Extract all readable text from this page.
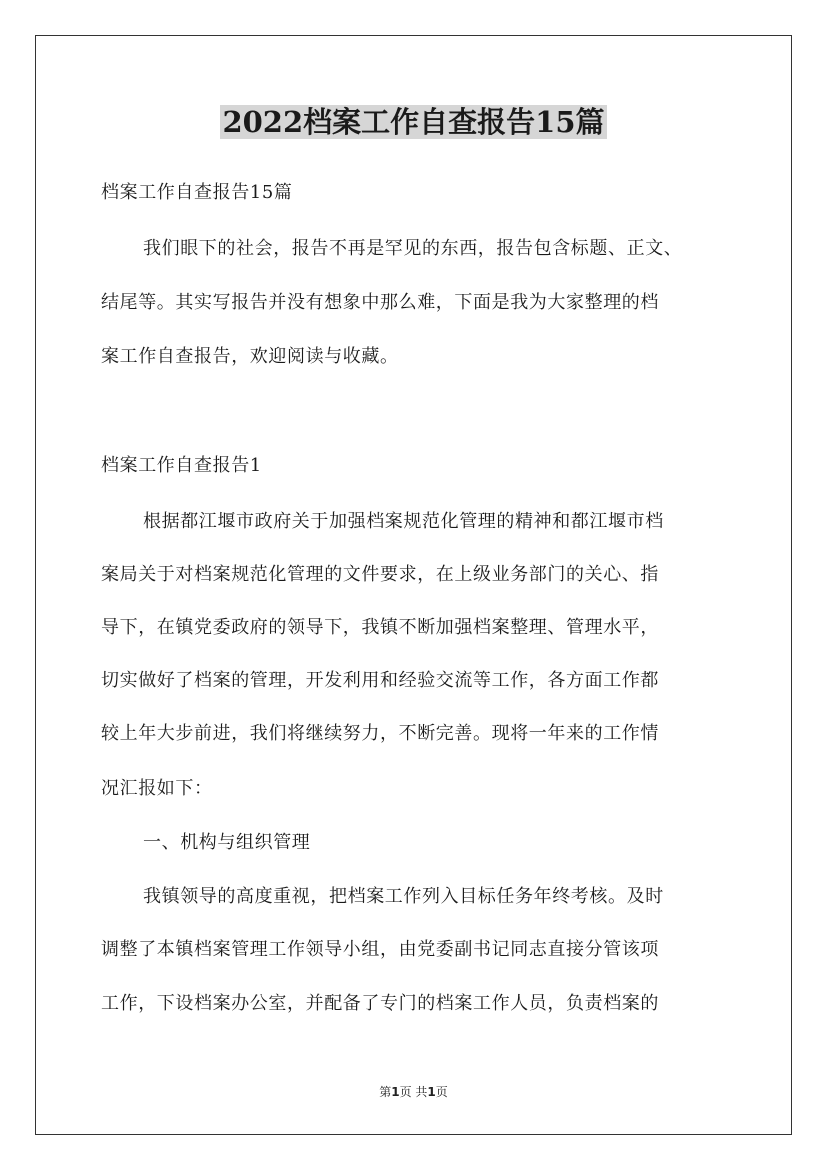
2022档案工作自查报告15篇
档案工作自查报告15篇
我们眼下的社会，报告不再是罕见的东西，报告包含标题、正文、
结尾等。其实写报告并没有想象中那么难，下面是我为大家整理的档
案工作自查报告，欢迎阅读与收藏。
档案工作自查报告1
根据都江堰市政府关于加强档案规范化管理的精神和都江堰市档
案局关于对档案规范化管理的文件要求，在上级业务部门的关心、指
导下，在镇党委政府的领导下，我镇不断加强档案整理、管理水平，
切实做好了档案的管理，开发利用和经验交流等工作，各方面工作都
较上年大步前进，我们将继续努力，不断完善。现将一年来的工作情
况汇报如下：
一、机构与组织管理
我镇领导的高度重视，把档案工作列入目标任务年终考核。及时
调整了本镇档案管理工作领导小组，由党委副书记同志直接分管该项
工作，下设档案办公室，并配备了专门的档案工作人员，负责档案的
第1页 共1页
